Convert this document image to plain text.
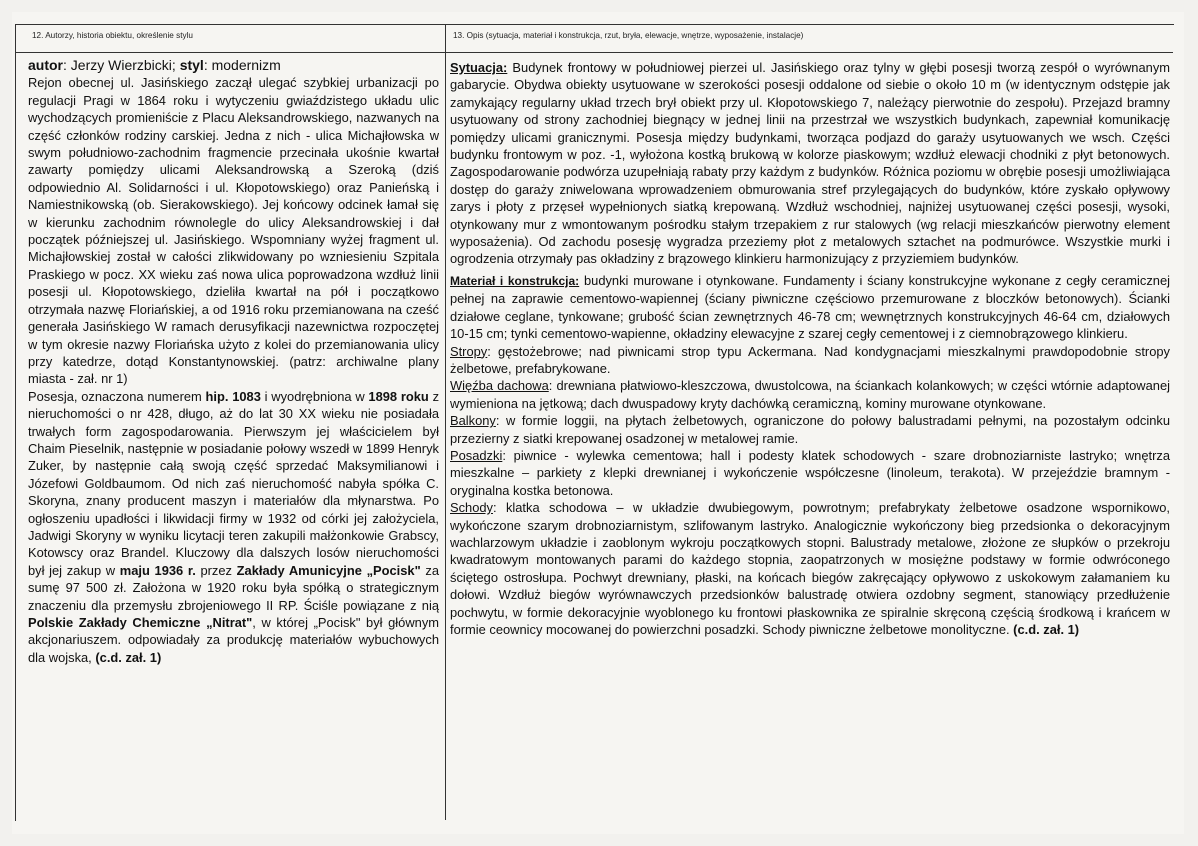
12. Autorzy, historia obiektu, określenie stylu	13. Opis (sytuacja, materiał i konstrukcja, rzut, bryła, elewacje, wnętrze, wyposażenie, instalacje)

autor: Jerzy Wierzbicki; styl: modernizm

Rejon obecnej ul. Jasińskiego zaczął ulegać szybkiej urbanizacji po regulacji Pragi w 1864 roku i wytyczeniu gwiaździstego układu ulic wychodzących promieniście z Placu Aleksandrowskiego, nazwanych na część członków rodziny carskiej. Jedna z nich - ulica Michajłowska w swym południowo-zachodnim fragmencie przecinała ukośnie kwartał zawarty pomiędzy ulicami Aleksandrowską a Szeroką (dziś odpowiednio Al. Solidarności i ul. Kłopotowskiego) oraz Panieńską i Namiestnikowską (ob. Sierakowskiego). Jej końcowy odcinek łamał się w kierunku zachodnim równolegle do ulicy Aleksandrowskiej i dał początek późniejszej ul. Jasińskiego. Wspomniany wyżej fragment ul. Michajłowskiej został w całości zlikwidowany po wzniesieniu Szpitala Praskiego w pocz. XX wieku zaś nowa ulica poprowadzona wzdłuż linii posesji ul. Kłopotowskiego, dzieliła kwartał na pół i początkowo otrzymała nazwę Floriańskiej, a od 1916 roku przemianowana na cześć generała Jasińskiego W ramach derusyfikacji nazewnictwa rozpoczętej w tym okresie nazwy Floriańska użyto z kolei do przemianowania ulicy przy katedrze, dotąd Konstantynowskiej. (patrz: archiwalne plany miasta - zał. nr 1)

Posesja, oznaczona numerem hip. 1083 i wyodrębniona w 1898 roku z nieruchomości o nr 428, długo, aż do lat 30 XX wieku nie posiadała trwałych form zagospodarowania. Pierwszym jej właścicielem był Chaim Pieselnik, następnie w posiadanie połowy wszedł w 1899 Henryk Zuker, by następnie całą swoją część sprzedać Maksymilianowi i Józefowi Goldbaumom. Od nich zaś nieruchomość nabyła spółka C. Skoryna, znany producent maszyn i materiałów dla młynarstwa. Po ogłoszeniu upadłości i likwidacji firmy w 1932 od córki jej założyciela, Jadwigi Skoryny w wyniku licytacji teren zakupili małżonkowie Grabscy, Kotowscy oraz Brandel. Kluczowy dla dalszych losów nieruchomości był jej zakup w maju 1936 r. przez Zakłady Amunicyjne „Pocisk" za sumę 97 500 zł. Założona w 1920 roku była spółką o strategicznym znaczeniu dla przemysłu zbrojeniowego II RP. Ściśle powiązane z nią Polskie Zakłady Chemiczne „Nitrat", w której „Pocisk" był głównym akcjonariuszem. odpowiadały za produkcję materiałów wybuchowych dla wojska, (c.d. zał. 1)

Sytuacja: Budynek frontowy w południowej pierzei ul. Jasińskiego oraz tylny w głębi posesji tworzą zespół o wyrównanym gabarycie. Obydwa obiekty usytuowane w szerokości posesji oddalone od siebie o około 10 m (w identycznym odstępie jak zamykający regularny układ trzech brył obiekt przy ul. Kłopotowskiego 7, należący pierwotnie do zespołu). Przejazd bramny usytuowany od strony zachodniej biegnący w jednej linii na przestrzał we wszystkich budynkach, zapewniał komunikację pomiędzy ulicami granicznymi. Posesja między budynkami, tworząca podjazd do garaży usytuowanych we wsch. Części budynku frontowym w poz. -1, wyłożona kostką brukową w kolorze piaskowym; wzdłuż elewacji chodniki z płyt betonowych. Zagospodarowanie podwórza uzupełniają rabaty przy każdym z budynków. Różnica poziomu w obrębie posesji umożliwiająca dostęp do garaży zniwelowana wprowadzeniem obmurowania stref przylegających do budynków, które zyskało opływowy zarys i płoty z przęseł wypełnionych siatką krepowaną. Wzdłuż wschodniej, najniżej usytuowanej części posesji, wysoki, otynkowany mur z wmontowanym pośrodku stałym trzepakiem z rur stalowych (wg relacji mieszkańców pierwotny element wyposażenia). Od zachodu posesję wygradza przeziemy płot z metalowych sztachet na podmurówce. Wszystkie murki i ogrodzenia otrzymały pas okładziny z brązowego klinkieru harmonizujący z przyziemiem budynków.

Materiał i konstrukcja: budynki murowane i otynkowane. Fundamenty i ściany konstrukcyjne wykonane z cegły ceramicznej pełnej na zaprawie cementowo-wapiennej (ściany piwniczne częściowo przemurowane z bloczków betonowych). Ścianki działowe ceglane, tynkowane; grubość ścian zewnętrznych 46-78 cm; wewnętrznych konstrukcyjnych 46-64 cm, działowych 10-15 cm; tynki cementowo-wapienne, okładziny elewacyjne z szarej cegły cementowej i z ciemnobrązowego klinkieru.

Stropy: gęstożebrowe; nad piwnicami strop typu Ackermana. Nad kondygnacjami mieszkalnymi prawdopodobnie stropy żelbetowe, prefabrykowane.

Więźba dachowa: drewniana płatwiowo-kleszczowa, dwustolcowa, na ściankach kolankowych; w części wtórnie adaptowanej wymieniona na jętkową; dach dwuspadowy kryty dachówką ceramiczną, kominy murowane otynkowane.

Balkony: w formie loggii, na płytach żelbetowych, ograniczone do połowy balustradami pełnymi, na pozostałym odcinku przezierny z siatki krepowanej osadzonej w metalowej ramie.

Posadzki: piwnice - wylewka cementowa; hall i podesty klatek schodowych - szare drobnoziarniste lastryko; wnętrza mieszkalne – parkiety z klepki drewnianej i wykończenie współczesne (linoleum, terakota). W przejeździe bramnym - oryginalna kostka betonowa.

Schody: klatka schodowa – w układzie dwubiegowym, powrotnym; prefabrykaty żelbetowe osadzone wspornikowo, wykończone szarym drobnoziarnistym, szlifowanym lastryko. Analogicznie wykończony bieg przedsionka o dekoracyjnym wachlarzowym układzie i zaoblonym wykroju początkowych stopni. Balustrady metalowe, złożone ze słupków o przekroju kwadratowym montowanych parami do każdego stopnia, zaopatrzonych w mosiężne podstawy w formie odwróconego ściętego ostrosłupa. Pochwyt drewniany, płaski, na końcach biegów zakręcający opływowo z uskokowym załamaniem ku dołowi. Wzdłuż biegów wyrównawczych przedsionków balustradę otwiera ozdobny segment, stanowiący przedłużenie pochwytu, w formie dekoracyjnie wyoblonego ku frontowi płaskownika ze spiralnie skręconą częścią środkową i krańcem w formie ceownicy mocowanej do powierzchni posadzki. Schody piwniczne żelbetowe monolityczne. (c.d. zał. 1)
